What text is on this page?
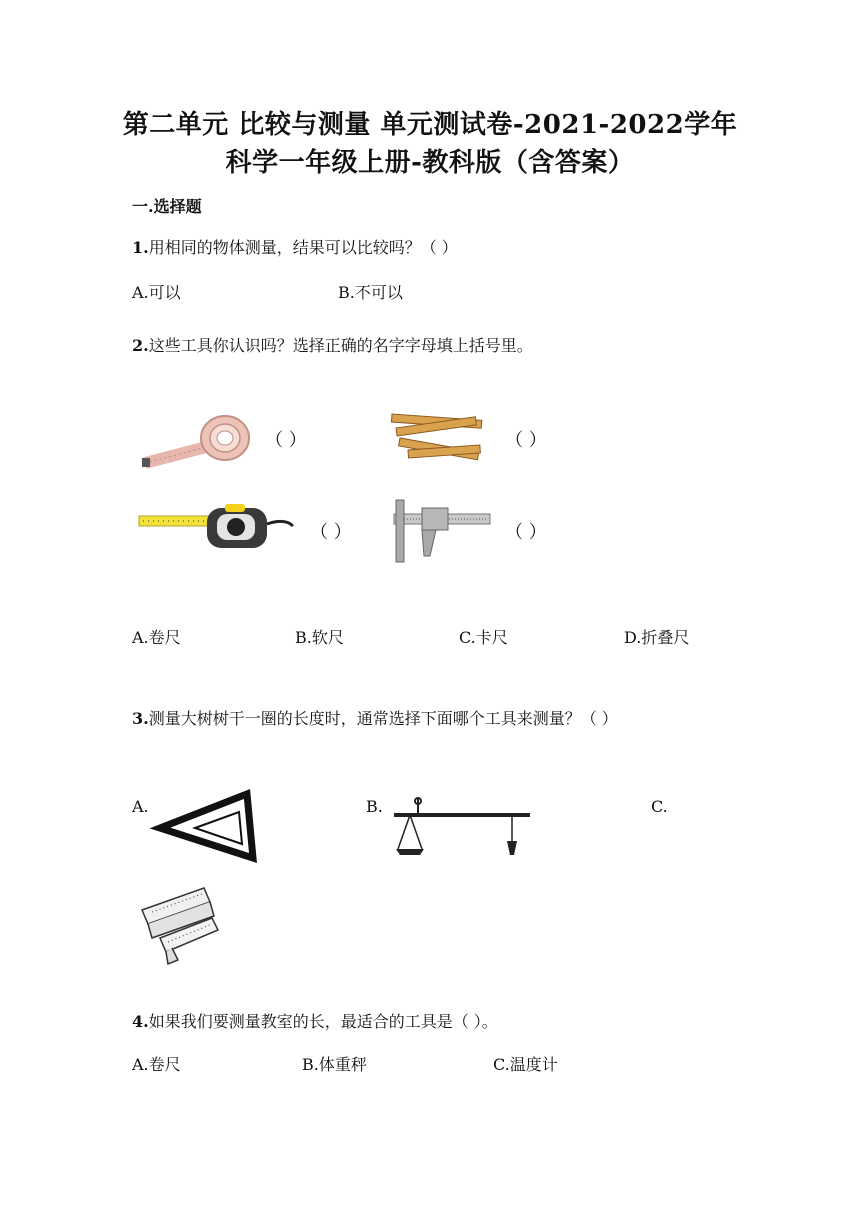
第二单元 比较与测量 单元测试卷-2021-2022学年
科学一年级上册-教科版（含答案）
一.选择题
1.用相同的物体测量，结果可以比较吗？（ ）
A.可以	B.不可以
2.这些工具你认识吗？选择正确的名字字母填上括号里。
（ ）	（ ）
（ ）	（ ）
A.卷尺	B.软尺	C.卡尺	D.折叠尺
3.测量大树树干一圈的长度时，通常选择下面哪个工具来测量？（ ）
A.	B.	C.
4.如果我们要测量教室的长，最适合的工具是（ ）。
A.卷尺	B.体重秤	C.温度计
